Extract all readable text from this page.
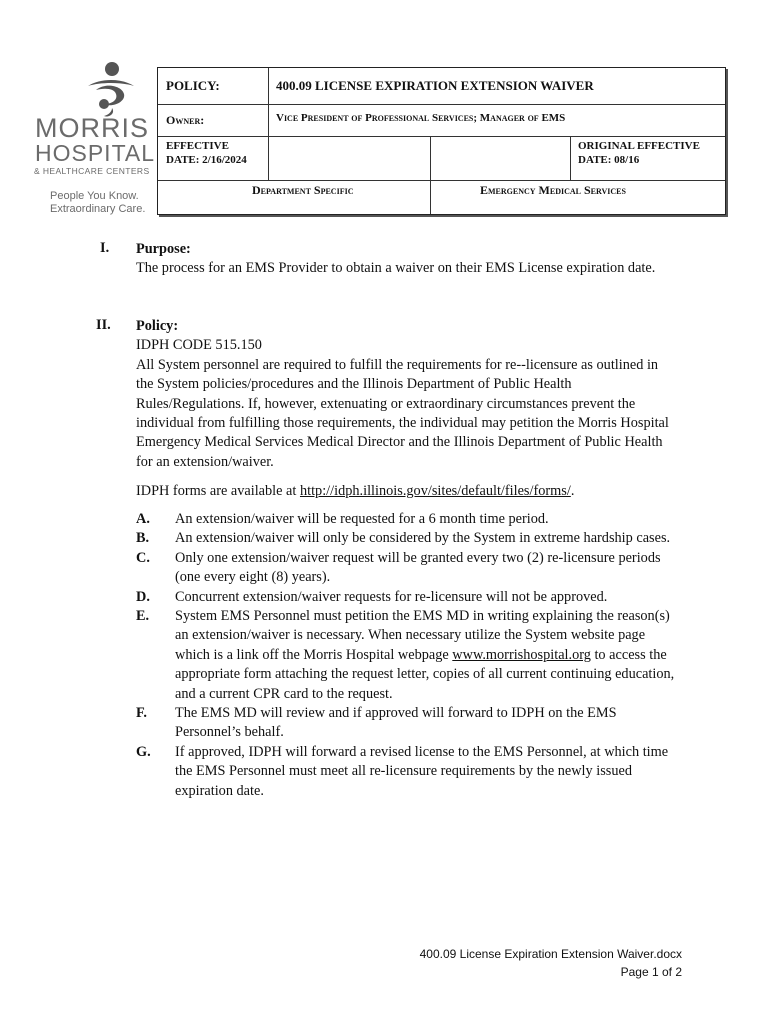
MORRIS
HOSPITAL
& HEALTHCARE CENTERS
People You Know.
Extraordinary Care.
POLICY:	400.09 LICENSE EXPIRATION EXTENSION WAIVER
Owner:	Vice President of Professional Services; Manager of EMS
EFFECTIVE
DATE: 2/16/2024
ORIGINAL EFFECTIVE
DATE: 08/16
Department Specific	Emergency Medical Services
I. Purpose:
The process for an EMS Provider to obtain a waiver on their EMS License expiration date.
II. Policy:
IDPH CODE 515.150
All System personnel are required to fulfill the requirements for re--licensure as outlined in the System policies/procedures and the Illinois Department of Public Health Rules/Regulations. If, however, extenuating or extraordinary circumstances prevent the individual from fulfilling those requirements, the individual may petition the Morris Hospital Emergency Medical Services Medical Director and the Illinois Department of Public Health for an extension/waiver.
IDPH forms are available at http://idph.illinois.gov/sites/default/files/forms/.
A.	An extension/waiver will be requested for a 6 month time period.
B.	An extension/waiver will only be considered by the System in extreme hardship cases.
C.	Only one extension/waiver request will be granted every two (2) re-licensure periods (one every eight (8) years).
D.	Concurrent extension/waiver requests for re-licensure will not be approved.
E.	System EMS Personnel must petition the EMS MD in writing explaining the reason(s) an extension/waiver is necessary. When necessary utilize the System website page which is a link off the Morris Hospital webpage www.morrishospital.org to access the appropriate form attaching the request letter, copies of all current continuing education, and a current CPR card to the request.
F.	The EMS MD will review and if approved will forward to IDPH on the EMS Personnel’s behalf.
G.	If approved, IDPH will forward a revised license to the EMS Personnel, at which time the EMS Personnel must meet all re-licensure requirements by the newly issued expiration date.
400.09 License Expiration Extension Waiver.docx
Page 1 of 2
